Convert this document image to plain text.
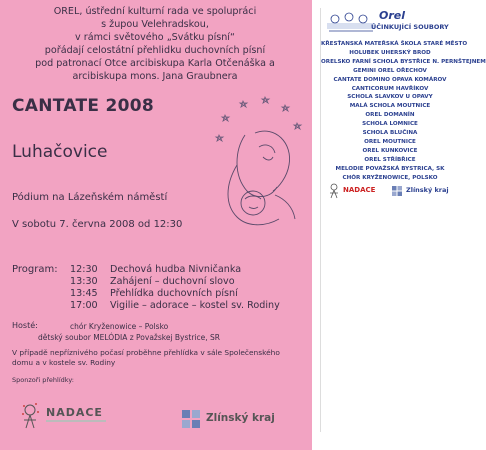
OREL, ústřední kulturní rada ve spolupráci
s župou Velehradskou,
v rámci světového „Svátku písní“
pořádají celostátní přehlidku duchovních písní
pod patronací Otce arcibiskupa Karla Otčenáška a
arcibiskupa mons. Jana Graubnera
CANTATE 2008
Luhačovice
Pódium na Lázeňském náměstí
V sobotu 7. června 2008 od 12:30
Program: 12:30 Dechová hudba Nivničanka
13:30 Zahájení – duchovní slovo
13:45 Přehlídka duchovních písní
17:00 Vigilie – adorace – kostel sv. Rodiny
Hosté:	chór Kryženowice – Polsko
dětský soubor MELÓDIA z Považskej Bystrice, SR
V případě nepříznivého počasí proběhne přehlídka v sále Společenského domu a v kostele sv. Rodiny
Sponzoři přehlídky:
NADACE	Zlínský kraj
Orel
ÚČINKUJÍCÍ SOUBORY
KŘESŤANSKÁ MATEŘSKÁ ŠKOLA STARÉ MĚSTO
HOLUBEK UHERSKÝ BROD
ORELSKO FARNÍ SCHOLA BYSTŘICE N. PERNŠTEJNEM
GEMINI OREL OŘECHOV
CANTATE DOMINO OPAVA KOMÁROV
CANTICORUM HAVŘÍKOV
SCHOLA SLAVKOV U OPAVY
MALÁ SCHOLA MOUTNICE
OREL DOMANÍN
SCHOLA LOMNICE
SCHOLA BLUČINA
OREL MOUTNICE
OREL KUNKOVICE
OREL STŘÍBŘICE
MELODIE POVAŽSKÁ BYSTRICA, SK
CHÓR KRYŽENOWICE, POLSKO
NADACE	Zlínský kraj
